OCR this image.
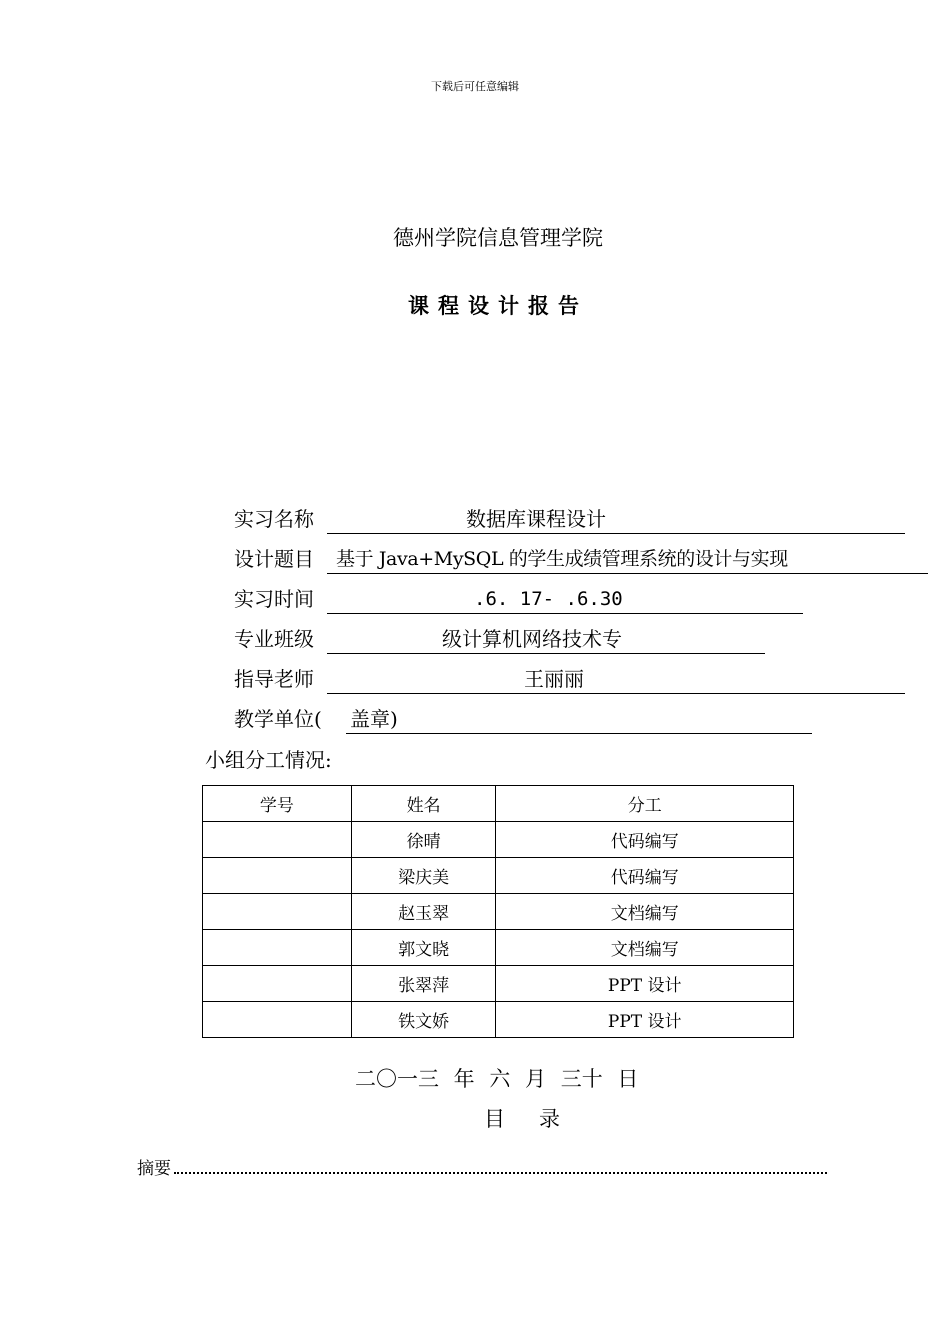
下载后可任意编辑
德州学院信息管理学院
课程设计报告
实习名称	数据库课程设计
设计题目 基于 Java+MySQL 的学生成绩管理系统的设计与实现
实习时间	.6. 17- .6.30
专业班级	级计算机网络技术专
指导老师	王丽丽
教学单位( 盖章)
小组分工情况:
学号	姓名	分工
	徐晴	代码编写
	梁庆美	代码编写
	赵玉翠	文档编写
	郭文晓	文档编写
	张翠萍	PPT 设计
	铁文娇	PPT 设计
二〇一三 年 六 月 三十 日
目录
摘要
